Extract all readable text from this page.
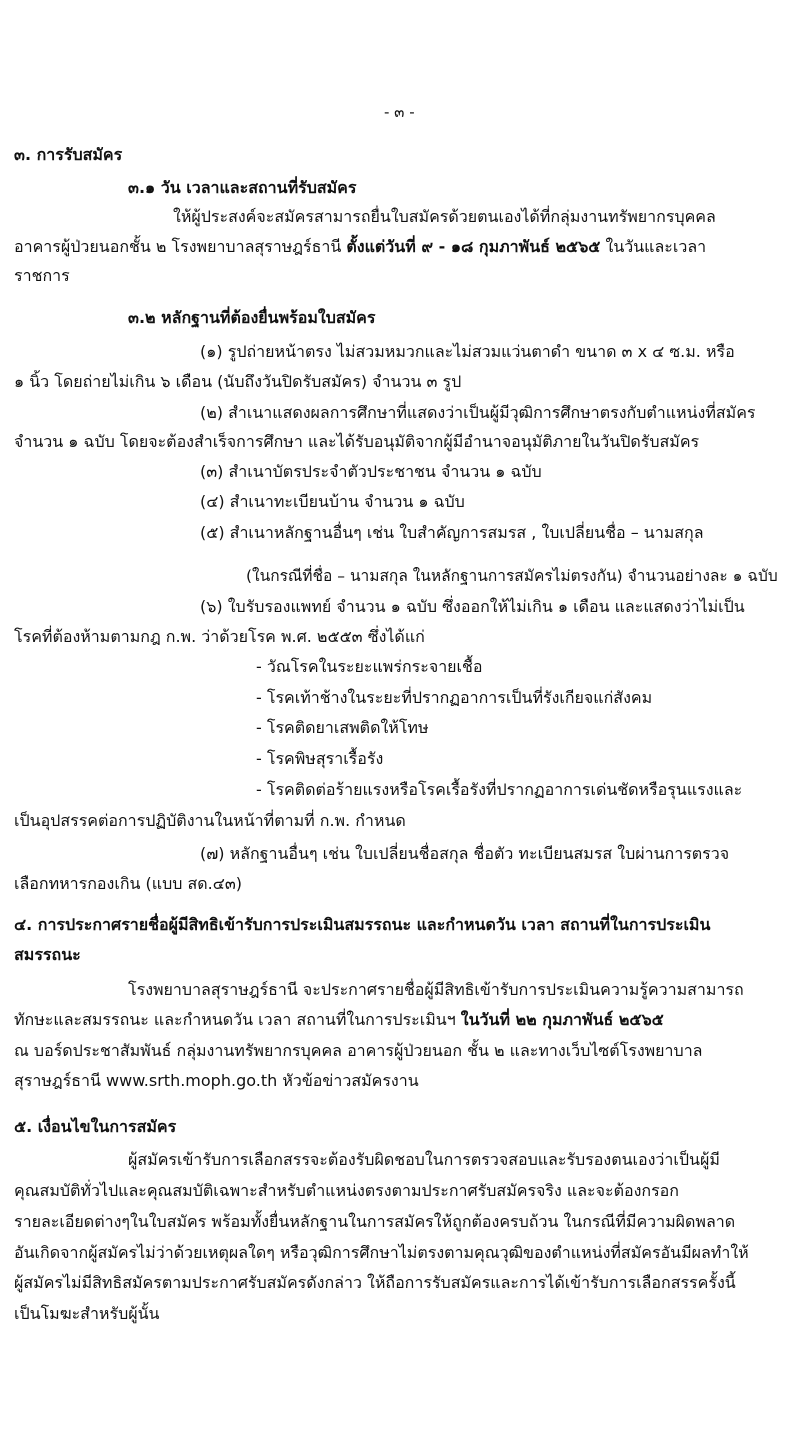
- ๓ -
๓. การรับสมัคร
๓.๑ วัน เวลาและสถานที่รับสมัคร
ให้ผู้ประสงค์จะสมัครสามารถยื่นใบสมัครด้วยตนเองได้ที่กลุ่มงานทรัพยากรบุคคล
อาคารผู้ป่วยนอกชั้น ๒ โรงพยาบาลสุราษฎร์ธานี ตั้งแต่วันที่ ๙ - ๑๘ กุมภาพันธ์ ๒๕๖๕ ในวันและเวลา
ราชการ
๓.๒ หลักฐานที่ต้องยื่นพร้อมใบสมัคร
(๑) รูปถ่ายหน้าตรง ไม่สวมหมวกและไม่สวมแว่นตาดำ ขนาด ๓ x ๔ ซ.ม. หรือ
๑ นิ้ว โดยถ่ายไม่เกิน ๖ เดือน (นับถึงวันปิดรับสมัคร) จำนวน ๓ รูป
(๒) สำเนาแสดงผลการศึกษาที่แสดงว่าเป็นผู้มีวุฒิการศึกษาตรงกับตำแหน่งที่สมัคร
จำนวน ๑ ฉบับ โดยจะต้องสำเร็จการศึกษา และได้รับอนุมัติจากผู้มีอำนาจอนุมัติภายในวันปิดรับสมัคร
(๓) สำเนาบัตรประจำตัวประชาชน จำนวน ๑ ฉบับ
(๔) สำเนาทะเบียนบ้าน จำนวน ๑ ฉบับ
(๕) สำเนาหลักฐานอื่นๆ เช่น ใบสำคัญการสมรส , ใบเปลี่ยนชื่อ – นามสกุล
(ในกรณีที่ชื่อ – นามสกุล ในหลักฐานการสมัครไม่ตรงกัน) จำนวนอย่างละ ๑ ฉบับ
(๖) ใบรับรองแพทย์ จำนวน ๑ ฉบับ ซึ่งออกให้ไม่เกิน ๑ เดือน และแสดงว่าไม่เป็น
โรคที่ต้องห้ามตามกฎ ก.พ. ว่าด้วยโรค พ.ศ. ๒๕๕๓ ซึ่งได้แก่
- วัณโรคในระยะแพร่กระจายเชื้อ
- โรคเท้าช้างในระยะที่ปรากฏอาการเป็นที่รังเกียจแก่สังคม
- โรคติดยาเสพติดให้โทษ
- โรคพิษสุราเรื้อรัง
- โรคติดต่อร้ายแรงหรือโรคเรื้อรังที่ปรากฏอาการเด่นชัดหรือรุนแรงและ
เป็นอุปสรรคต่อการปฏิบัติงานในหน้าที่ตามที่ ก.พ. กำหนด
(๗) หลักฐานอื่นๆ เช่น ใบเปลี่ยนชื่อสกุล ชื่อตัว ทะเบียนสมรส ใบผ่านการตรวจ
เลือกทหารกองเกิน (แบบ สด.๔๓)
๔. การประกาศรายชื่อผู้มีสิทธิเข้ารับการประเมินสมรรถนะ และกำหนดวัน เวลา สถานที่ในการประเมิน
สมรรถนะ
โรงพยาบาลสุราษฎร์ธานี จะประกาศรายชื่อผู้มีสิทธิเข้ารับการประเมินความรู้ความสามารถ
ทักษะและสมรรถนะ และกำหนดวัน เวลา สถานที่ในการประเมินฯ ในวันที่ ๒๒ กุมภาพันธ์ ๒๕๖๕
ณ บอร์ดประชาสัมพันธ์ กลุ่มงานทรัพยากรบุคคล อาคารผู้ป่วยนอก ชั้น ๒ และทางเว็บไซต์โรงพยาบาล
สุราษฎร์ธานี www.srth.moph.go.th หัวข้อข่าวสมัครงาน
๕. เงื่อนไขในการสมัคร
ผู้สมัครเข้ารับการเลือกสรรจะต้องรับผิดชอบในการตรวจสอบและรับรองตนเองว่าเป็นผู้มี
คุณสมบัติทั่วไปและคุณสมบัติเฉพาะสำหรับตำแหน่งตรงตามประกาศรับสมัครจริง และจะต้องกรอก
รายละเอียดต่างๆในใบสมัคร พร้อมทั้งยื่นหลักฐานในการสมัครให้ถูกต้องครบถ้วน ในกรณีที่มีความผิดพลาด
อันเกิดจากผู้สมัครไม่ว่าด้วยเหตุผลใดๆ หรือวุฒิการศึกษาไม่ตรงตามคุณวุฒิของตำแหน่งที่สมัครอันมีผลทำให้
ผู้สมัครไม่มีสิทธิสมัครตามประกาศรับสมัครดังกล่าว ให้ถือการรับสมัครและการได้เข้ารับการเลือกสรรครั้งนี้
เป็นโมฆะสำหรับผู้นั้น
